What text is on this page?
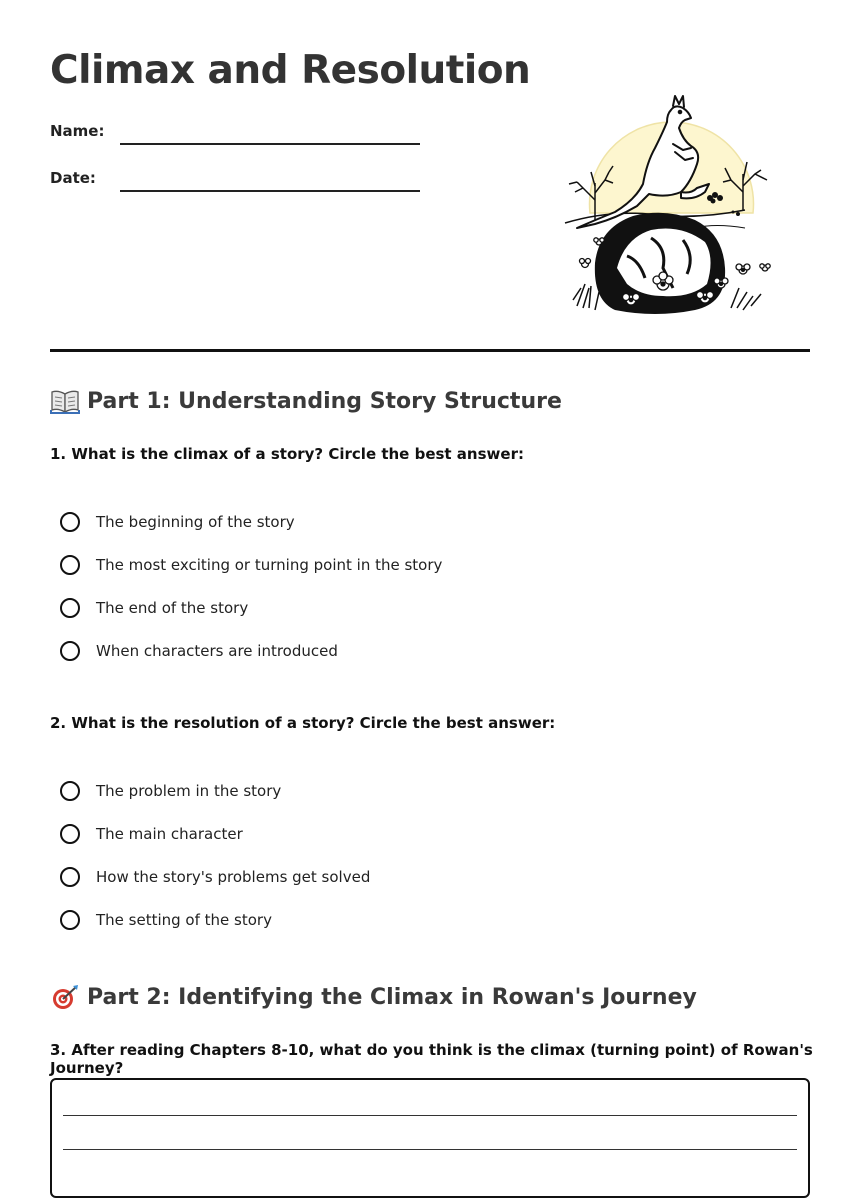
Climax and Resolution
Name:
Date:
Part 1: Understanding Story Structure

1. What is the climax of a story? Circle the best answer:

The beginning of the story
The most exciting or turning point in the story
The end of the story
When characters are introduced

2. What is the resolution of a story? Circle the best answer:

The problem in the story
The main character
How the story's problems get solved
The setting of the story
Part 2: Identifying the Climax in Rowan's Journey

3. After reading Chapters 8-10, what do you think is the climax (turning point) of Rowan's Journey?
